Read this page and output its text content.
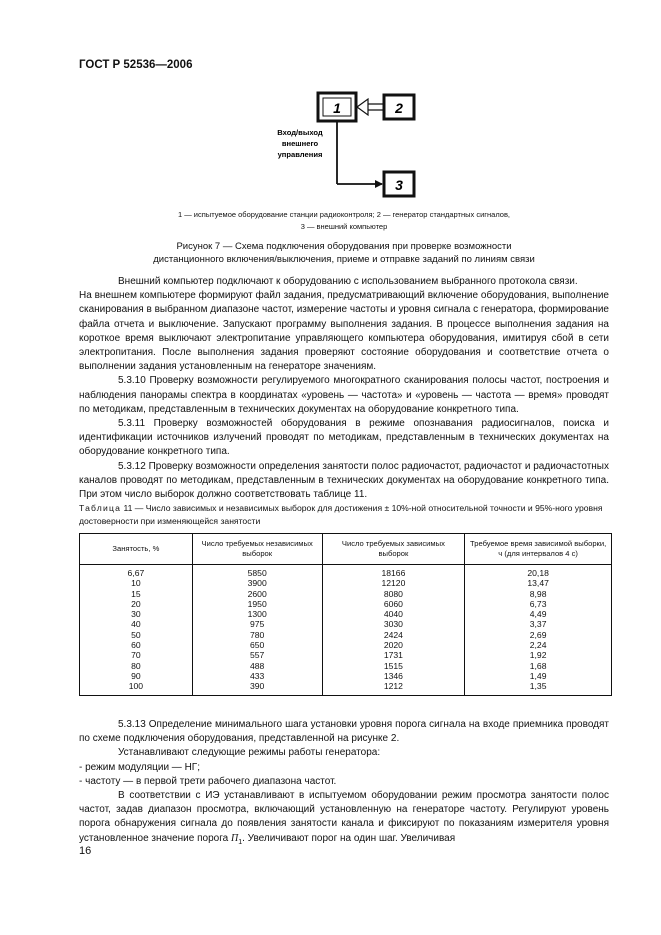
ГОСТ Р 52536—2006
1	2
3
Вход/выход
внешнего
управления
1 — испытуемое оборудование станции радиоконтроля; 2 — генератор стандартных сигналов,
3 — внешний компьютер
Рисунок 7 — Схема подключения оборудования при проверке возможности
дистанционного включения/выключения, приеме и отправке заданий по линиям связи

Внешний компьютер подключают к оборудованию с использованием выбранного протокола связи.

На внешнем компьютере формируют файл задания, предусматривающий включение оборудования, выполнение сканирования в выбранном диапазоне частот, измерение частоты и уровня сигнала с генератора, формирование файла отчета и выключение. Запускают программу выполнения задания. В процессе выполнения задания на короткое время выключают электропитание управляющего компьютера оборудования, имитируя сбой в сети электропитания. После выполнения задания проверяют состояние оборудования и соответствие отчета о выполнении задания установленным на генераторе значениям.

5.3.10 Проверку возможности регулируемого многократного сканирования полосы частот, построения и наблюдения панорамы спектра в координатах «уровень — частота» и «уровень — частота — время» проводят по методикам, представленным в технических документах на оборудование конкретного типа.

5.3.11 Проверку возможностей оборудования в режиме опознавания радиосигналов, поиска и идентификации источников излучений проводят по методикам, представленным в технических документах на оборудование конкретного типа.

5.3.12 Проверку возможности определения занятости полос радиочастот, радиочастот и радиочастотных каналов проводят по методикам, представленным в технических документах на оборудование конкретного типа. При этом число выборок должно соответствовать таблице 11.

Таблица 11 — Число зависимых и независимых выборок для достижения ± 10%-ной относительной точности и 95%-ного уровня достоверности при изменяющейся занятости
Занятость, %	Число требуемых независимых выборок	Число требуемых зависимых выборок	Требуемое время зависимой выборки, ч (для интервалов 4 с)
6,67	5850	18166	20,18
10	3900	12120	13,47
15	2600	8080	8,98
20	1950	6060	6,73
30	1300	4040	4,49
40	975	3030	3,37
50	780	2424	2,69
60	650	2020	2,24
70	557	1731	1,92
80	488	1515	1,68
90	433	1346	1,49
100	390	1212	1,35

5.3.13 Определение минимального шага установки уровня порога сигнала на входе приемника проводят по схеме подключения оборудования, представленной на рисунке 2.

Устанавливают следующие режимы работы генератора:

- режим модуляции — НГ;

- частоту — в первой трети рабочего диапазона частот.

В соответствии с ИЭ устанавливают в испытуемом оборудовании режим просмотра занятости полос частот, задав диапазон просмотра, включающий установленную на генераторе частоту. Регулируют уровень порога обнаружения сигнала до появления занятости канала и фиксируют по показаниям измерителя уровня установленное значение порога $П_1$. Увеличивают порог на один шаг. Увеличивая

16
